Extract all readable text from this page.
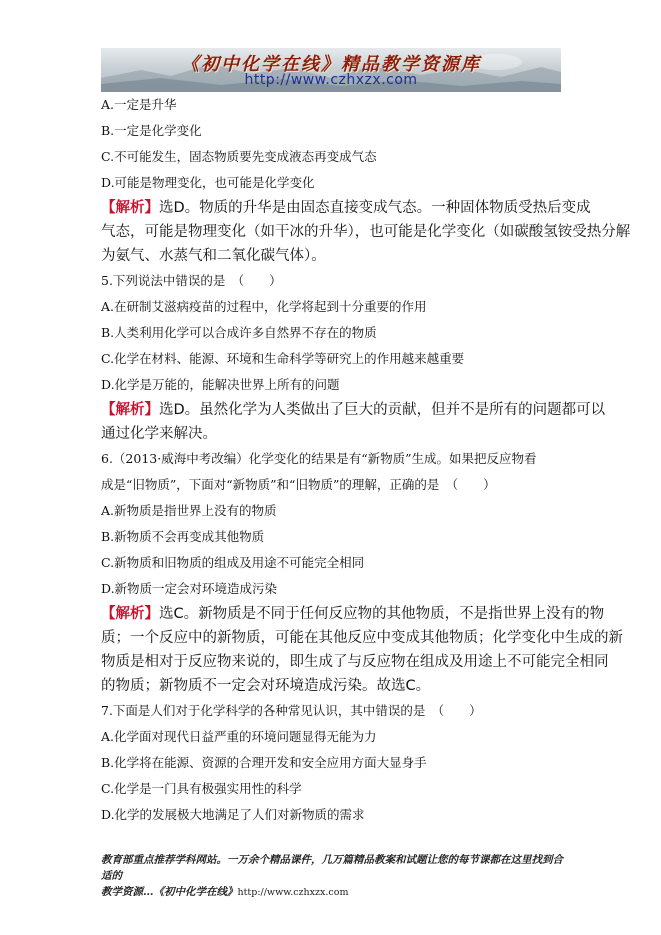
《初中化学在线》精品教学资源库
http://www.czhxzx.com
A.一定是升华
B.一定是化学变化
C.不可能发生，固态物质要先变成液态再变成气态
D.可能是物理变化，也可能是化学变化
【解析】选D。物质的升华是由固态直接变成气态。一种固体物质受热后变成
气态，可能是物理变化（如干冰的升华），也可能是化学变化（如碳酸氢铵受热分解
为氨气、水蒸气和二氧化碳气体）。
5.下列说法中错误的是　（　　）
A.在研制艾滋病疫苗的过程中，化学将起到十分重要的作用
B.人类利用化学可以合成许多自然界不存在的物质
C.化学在材料、能源、环境和生命科学等研究上的作用越来越重要
D.化学是万能的，能解决世界上所有的问题
【解析】选D。虽然化学为人类做出了巨大的贡献，但并不是所有的问题都可以
通过化学来解决。
6.（2013·威海中考改编）化学变化的结果是有“新物质”生成。如果把反应物看
成是“旧物质”，下面对“新物质”和“旧物质”的理解，正确的是　（　　）
A.新物质是指世界上没有的物质
B.新物质不会再变成其他物质
C.新物质和旧物质的组成及用途不可能完全相同
D.新物质一定会对环境造成污染
【解析】选C。新物质是不同于任何反应物的其他物质，不是指世界上没有的物
质；一个反应中的新物质，可能在其他反应中变成其他物质；化学变化中生成的新
物质是相对于反应物来说的，即生成了与反应物在组成及用途上不可能完全相同
的物质；新物质不一定会对环境造成污染。故选C。
7.下面是人们对于化学科学的各种常见认识，其中错误的是　（　　）
A.化学面对现代日益严重的环境问题显得无能为力
B.化学将在能源、资源的合理开发和安全应用方面大显身手
C.化学是一门具有极强实用性的科学
D.化学的发展极大地满足了人们对新物质的需求
教育部重点推荐学科网站。一万余个精品课件，几万篇精品教案和试题让您的每节课都在这里找到合适的
教学资源…《初中化学在线》http://www.czhxzx.com
